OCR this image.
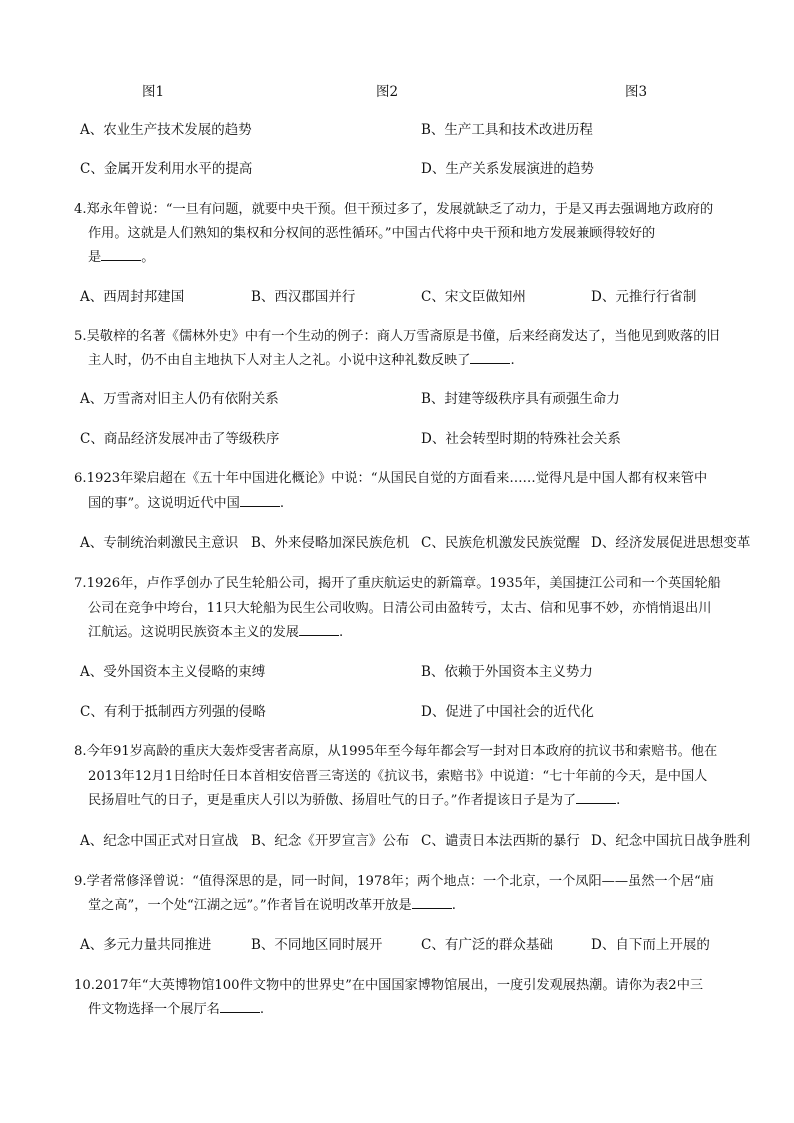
图1	图2	图3
A、农业生产技术发展的趋势	B、生产工具和技术改进历程
C、金属开发利用水平的提高	D、生产关系发展演进的趋势
4.郑永年曾说：“一旦有问题，就要中央干预。但干预过多了，发展就缺乏了动力，于是又再去强调地方政府的
作用。这就是人们熟知的集权和分权间的恶性循环。”中国古代将中央干预和地方发展兼顾得较好的
是	。
A、西周封邦建国	B、西汉郡国并行	C、宋文臣做知州	D、元推行行省制
5.吴敬梓的名著《儒林外史》中有一个生动的例子：商人万雪斋原是书僮，后来经商发达了，当他见到败落的旧
主人时，仍不由自主地执下人对主人之礼。小说中这种礼数反映了	.
A、万雪斋对旧主人仍有依附关系	B、封建等级秩序具有顽强生命力
C、商品经济发展冲击了等级秩序	D、社会转型时期的特殊社会关系
6.1923年梁启超在《五十年中国进化概论》中说：“从国民自觉的方面看来……觉得凡是中国人都有权来管中
国的事”。这说明近代中国	.
A、专制统治刺激民主意识 B、外来侵略加深民族危机 C、民族危机激发民族觉醒 D、经济发展促进思想变革
7.1926年，卢作孚创办了民生轮船公司，揭开了重庆航运史的新篇章。1935年，美国捷江公司和一个英国轮船
公司在竞争中垮台，11只大轮船为民生公司收购。日清公司由盈转亏，太古、信和见事不妙，亦悄悄退出川
江航运。这说明民族资本主义的发展	.
A、受外国资本主义侵略的束缚	B、依赖于外国资本主义势力
C、有利于抵制西方列强的侵略	D、促进了中国社会的近代化
8.今年91岁高龄的重庆大轰炸受害者高原，从1995年至今每年都会写一封对日本政府的抗议书和索赔书。他在
2013年12月1日给时任日本首相安倍晋三寄送的《抗议书，索赔书》中说道：“七十年前的今天，是中国人
民扬眉吐气的日子，更是重庆人引以为骄傲、扬眉吐气的日子。”作者提该日子是为了	.
A、纪念中国正式对日宣战 B、纪念《开罗宣言》公布 C、谴责日本法西斯的暴行 D、纪念中国抗日战争胜利
9.学者常修泽曾说：“值得深思的是，同一时间，1978年；两个地点：一个北京，一个凤阳——虽然一个居“庙
堂之高”，一个处“江湖之远”。”作者旨在说明改革开放是	.
A、多元力量共同推进	B、不同地区同时展开	C、有广泛的群众基础	D、自下而上开展的
10.2017年“大英博物馆100件文物中的世界史”在中国国家博物馆展出，一度引发观展热潮。请你为表2中三
件文物选择一个展厅名	.
